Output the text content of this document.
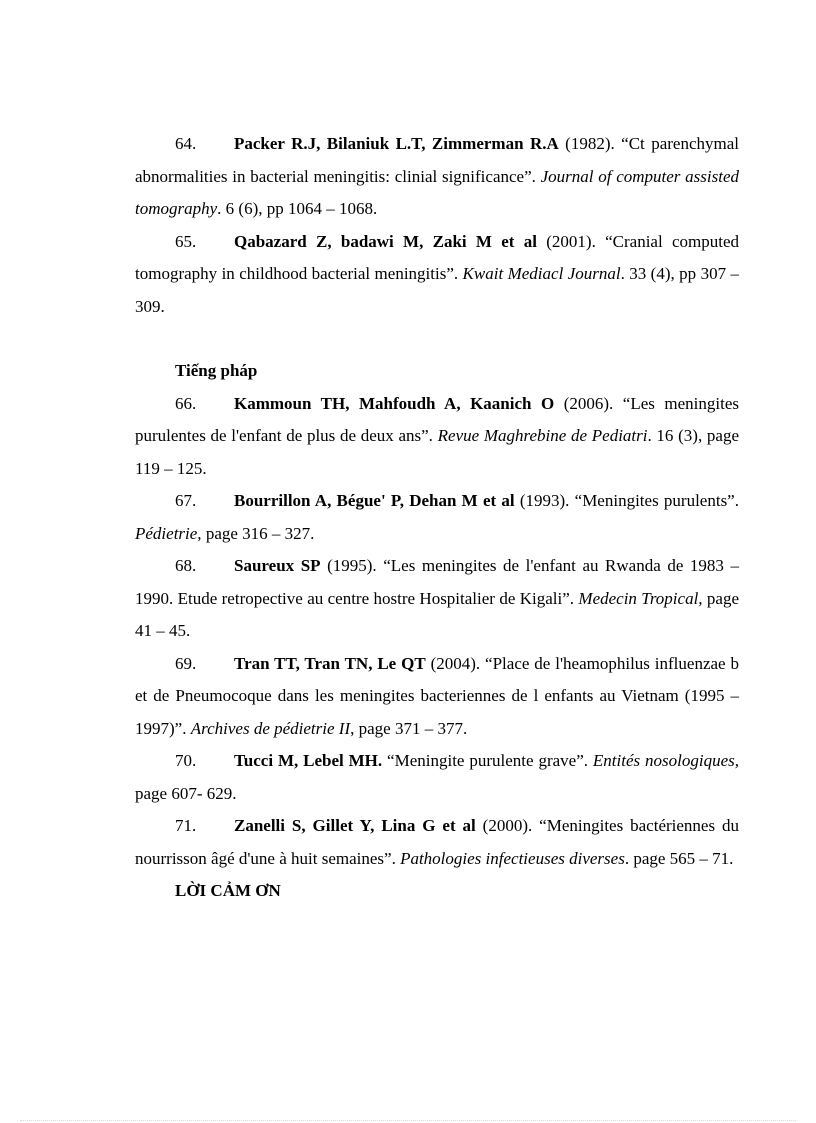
64. Packer R.J, Bilaniuk L.T, Zimmerman R.A (1982). “Ct parenchymal abnormalities in bacterial meningitis: clinial significance”. Journal of computer assisted tomography. 6 (6), pp 1064 – 1068.

65. Qabazard Z, badawi M, Zaki M et al (2001). “Cranial computed tomography in childhood bacterial meningitis”. Kwait Mediacl Journal. 33 (4), pp 307 – 309.

Tiếng pháp

66. Kammoun TH, Mahfoudh A, Kaanich O (2006). “Les meningites purulentes de l'enfant de plus de deux ans”. Revue Maghrebine de Pediatri. 16 (3), page 119 – 125.

67. Bourrillon A, Bégue' P, Dehan M et al (1993). “Meningites purulents”. Pédietrie, page 316 – 327.

68. Saureux SP (1995). “Les meningites de l'enfant au Rwanda de 1983 – 1990. Etude retropective au centre hostre Hospitalier de Kigali”. Medecin Tropical, page 41 – 45.

69. Tran TT, Tran TN, Le QT (2004). “Place de l'heamophilus influenzae b et de Pneumocoque dans les meningites bacteriennes de l enfants au Vietnam (1995 – 1997)”. Archives de pédietrie II, page 371 – 377.

70. Tucci M, Lebel MH. “Meningite purulente grave”. Entités nosologiques, page 607- 629.

71. Zanelli S, Gillet Y, Lina G et al (2000). “Meningites bactériennes du nourrisson âgé d'une à huit semaines”. Pathologies infectieuses diverses. page 565 – 71.

LỜI CẢM ƠN
